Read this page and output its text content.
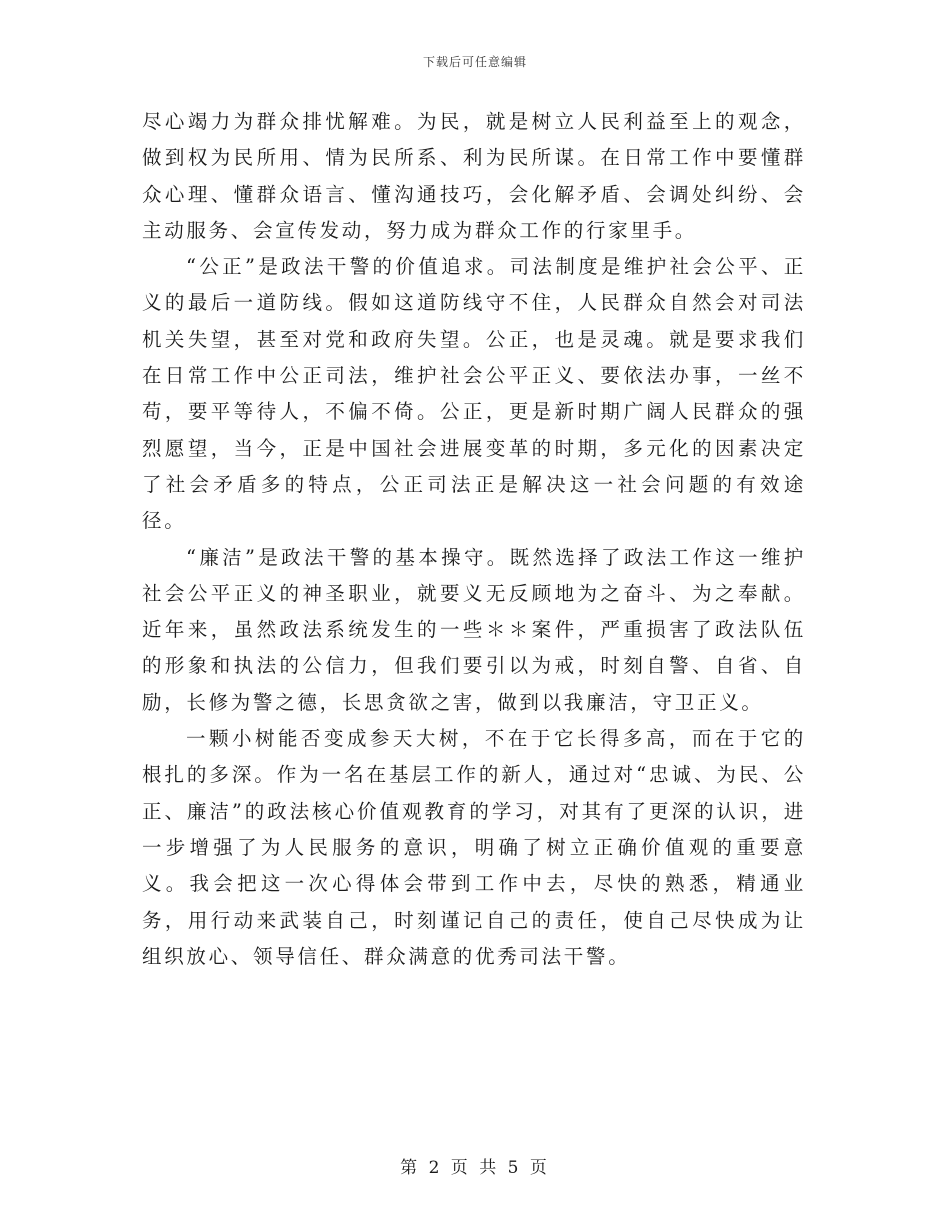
下载后可任意编辑

尽心竭力为群众排忧解难。为民，就是树立人民利益至上的观念，做到权为民所用、情为民所系、利为民所谋。在日常工作中要懂群众心理、懂群众语言、懂沟通技巧，会化解矛盾、会调处纠纷、会主动服务、会宣传发动，努力成为群众工作的行家里手。

“公正”是政法干警的价值追求。司法制度是维护社会公平、正义的最后一道防线。假如这道防线守不住，人民群众自然会对司法机关失望，甚至对党和政府失望。公正，也是灵魂。就是要求我们在日常工作中公正司法，维护社会公平正义、要依法办事，一丝不苟，要平等待人，不偏不倚。公正，更是新时期广阔人民群众的强烈愿望，当今，正是中国社会进展变革的时期，多元化的因素决定了社会矛盾多的特点，公正司法正是解决这一社会问题的有效途径。

“廉洁”是政法干警的基本操守。既然选择了政法工作这一维护社会公平正义的神圣职业，就要义无反顾地为之奋斗、为之奉献。近年来，虽然政法系统发生的一些＊＊案件，严重损害了政法队伍的形象和执法的公信力，但我们要引以为戒，时刻自警、自省、自励，长修为警之德，长思贪欲之害，做到以我廉洁，守卫正义。

一颗小树能否变成参天大树，不在于它长得多高，而在于它的根扎的多深。作为一名在基层工作的新人，通过对“忠诚、为民、公正、廉洁”的政法核心价值观教育的学习，对其有了更深的认识，进一步增强了为人民服务的意识，明确了树立正确价值观的重要意义。我会把这一次心得体会带到工作中去，尽快的熟悉，精通业务，用行动来武装自己，时刻谨记自己的责任，使自己尽快成为让组织放心、领导信任、群众满意的优秀司法干警。

第 2 页 共 5 页
